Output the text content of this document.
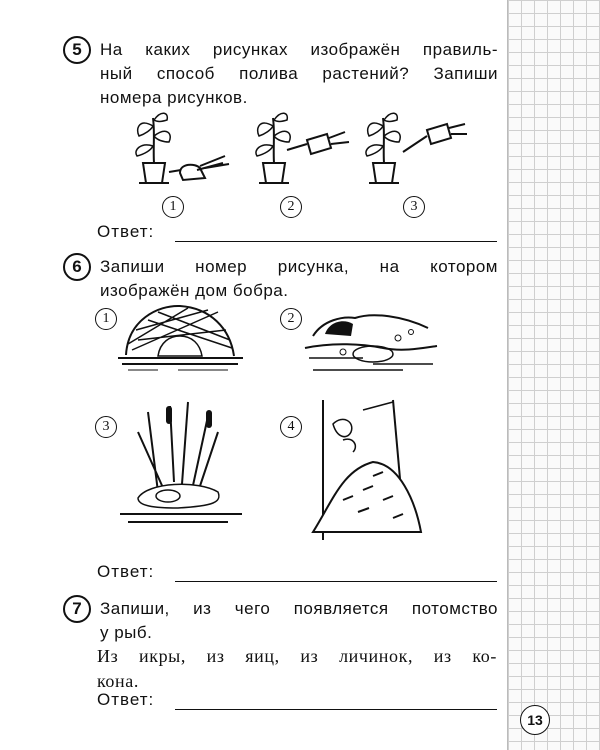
5	На каких рисунках изображён правиль-

ный способ полива растений? Запиши

номера рисунков.

1	2	3
Ответ:
6	Запиши номер рисунка, на котором

изображён дом бобра.

1	2
3	4
Ответ:
7	Запиши, из чего появляется потомство

у рыб.

Из икры, из яиц, из личинок, из ко-
кона.
Ответ:
13
